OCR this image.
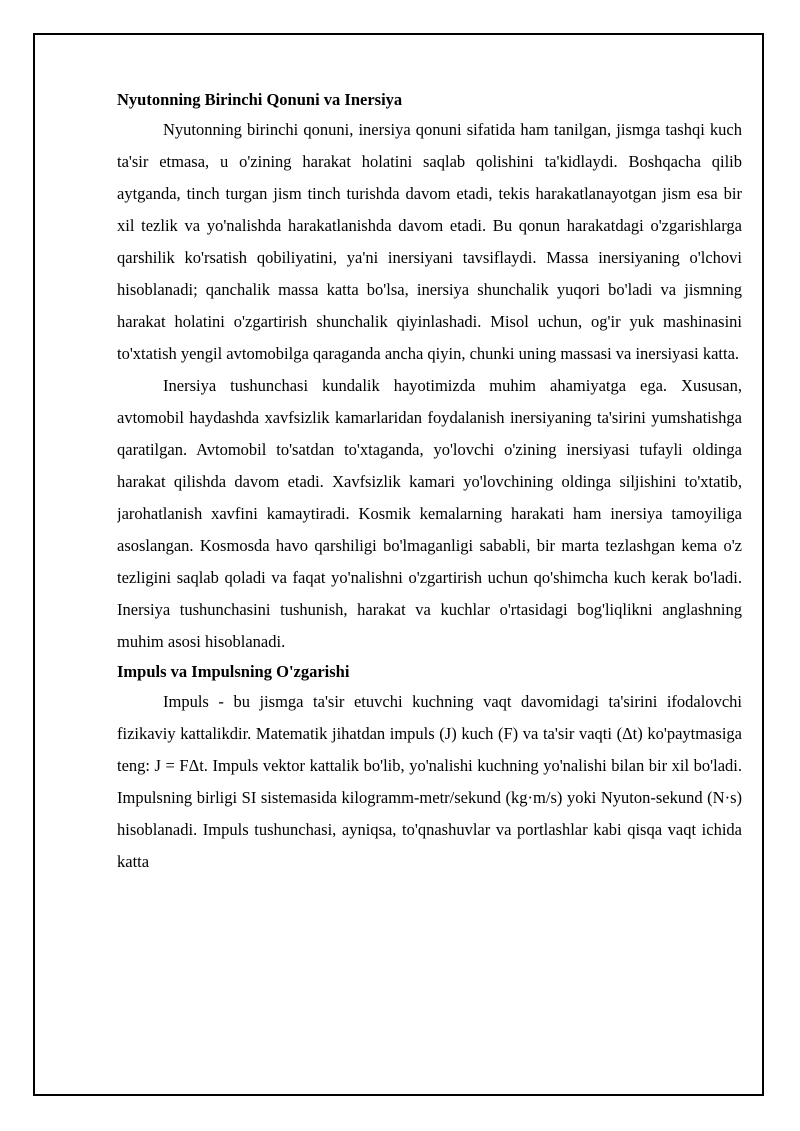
Nyutonning Birinchi Qonuni va Inersiya

Nyutonning birinchi qonuni, inersiya qonuni sifatida ham tanilgan, jismga tashqi kuch ta'sir etmasa, u o'zining harakat holatini saqlab qolishini ta'kidlaydi. Boshqacha qilib aytganda, tinch turgan jism tinch turishda davom etadi, tekis harakatlanayotgan jism esa bir xil tezlik va yo'nalishda harakatlanishda davom etadi. Bu qonun harakatdagi o'zgarishlarga qarshilik ko'rsatish qobiliyatini, ya'ni inersiyani tavsiflaydi. Massa inersiyaning o'lchovi hisoblanadi; qanchalik massa katta bo'lsa, inersiya shunchalik yuqori bo'ladi va jismning harakat holatini o'zgartirish shunchalik qiyinlashadi. Misol uchun, og'ir yuk mashinasini to'xtatish yengil avtomobilga qaraganda ancha qiyin, chunki uning massasi va inersiyasi katta.

Inersiya tushunchasi kundalik hayotimizda muhim ahamiyatga ega. Xususan, avtomobil haydashda xavfsizlik kamarlaridan foydalanish inersiyaning ta'sirini yumshatishga qaratilgan. Avtomobil to'satdan to'xtaganda, yo'lovchi o'zining inersiyasi tufayli oldinga harakat qilishda davom etadi. Xavfsizlik kamari yo'lovchining oldinga siljishini to'xtatib, jarohatlanish xavfini kamaytiradi. Kosmik kemalarning harakati ham inersiya tamoyiliga asoslangan. Kosmosda havo qarshiligi bo'lmaganligi sababli, bir marta tezlashgan kema o'z tezligini saqlab qoladi va faqat yo'nalishni o'zgartirish uchun qo'shimcha kuch kerak bo'ladi. Inersiya tushunchasini tushunish, harakat va kuchlar o'rtasidagi bog'liqlikni anglashning muhim asosi hisoblanadi.

Impuls va Impulsning O'zgarishi

Impuls - bu jismga ta'sir etuvchi kuchning vaqt davomidagi ta'sirini ifodalovchi fizikaviy kattalikdir. Matematik jihatdan impuls (J) kuch (F) va ta'sir vaqti (Δt) ko'paytmasiga teng: J = FΔt. Impuls vektor kattalik bo'lib, yo'nalishi kuchning yo'nalishi bilan bir xil bo'ladi. Impulsning birligi SI sistemasida kilogramm-metr/sekund (kg·m/s) yoki Nyuton-sekund (N·s) hisoblanadi. Impuls tushunchasi, ayniqsa, to'qnashuvlar va portlashlar kabi qisqa vaqt ichida katta
